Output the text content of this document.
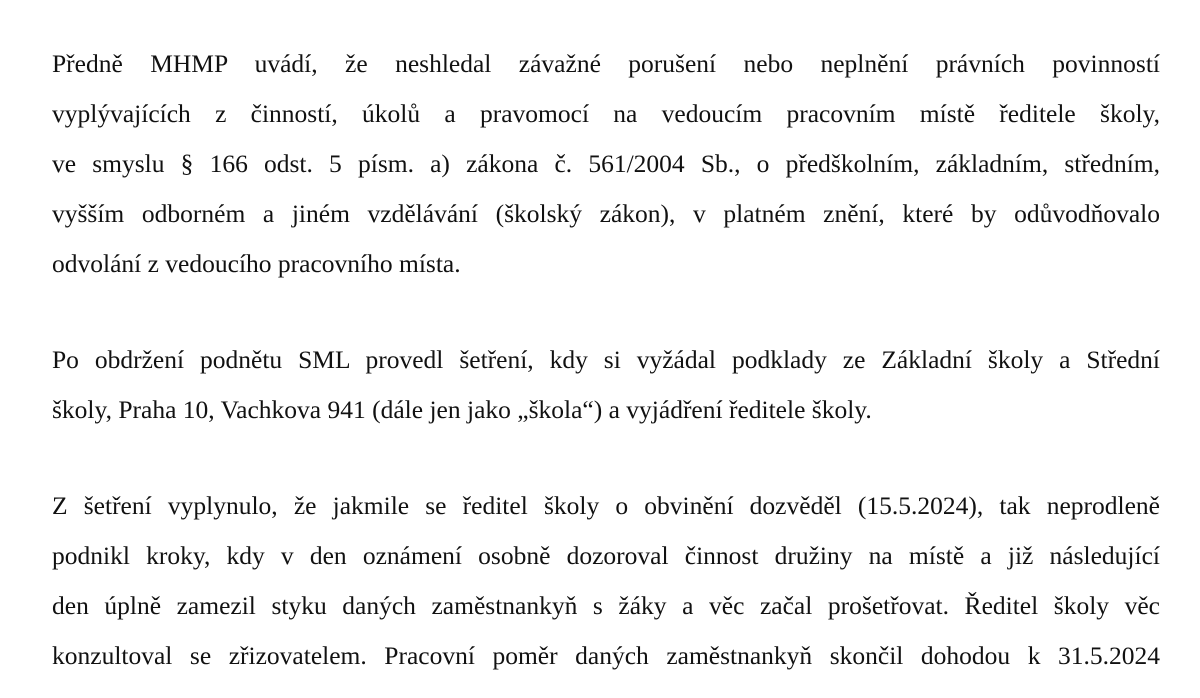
Předně MHMP uvádí, že neshledal závažné porušení nebo neplnění právních povinností
vyplývajících z činností, úkolů a pravomocí na vedoucím pracovním místě ředitele školy,
ve smyslu § 166 odst. 5 písm. a) zákona č. 561/2004 Sb., o předškolním, základním, středním,
vyšším odborném a jiném vzdělávání (školský zákon), v platném znění, které by odůvodňovalo
odvolání z vedoucího pracovního místa.
Po obdržení podnětu SML provedl šetření, kdy si vyžádal podklady ze Základní školy a Střední
školy, Praha 10, Vachkova 941 (dále jen jako „škola“) a vyjádření ředitele školy.
Z šetření vyplynulo, že jakmile se ředitel školy o obvinění dozvěděl (15.5.2024), tak neprodleně
podnikl kroky, kdy v den oznámení osobně dozoroval činnost družiny na místě a již následující
den úplně zamezil styku daných zaměstnankyň s žáky a věc začal prošetřovat. Ředitel školy věc
konzultoval se zřizovatelem. Pracovní poměr daných zaměstnankyň skončil dohodou k 31.5.2024
